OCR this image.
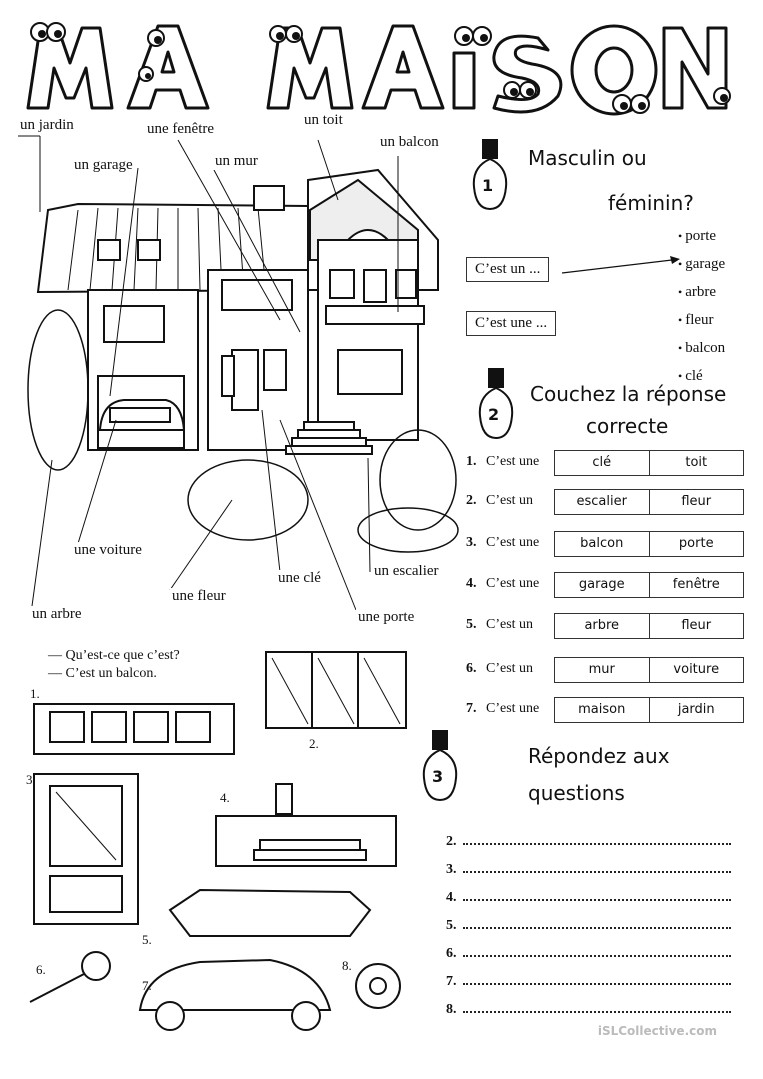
MA MAISON
un jardin	une fenêtre
un toit
un balcon
un garage	un mur
une voiture
une fleur
une clé	un escalier
un arbre	une porte
1
Masculin ou
féminin?
C’est un ...
C’est une ...
• porte
• garage
• arbre
• fleur
• balcon
• clé
2
Couchez la réponse
correcte
1. C’est une	clé	toit
2. C’est un	escalier	fleur
3. C’est une	balcon	porte
4. C’est une	garage	fenêtre
5. C’est un	arbre	fleur
6. C’est un	mur	voiture
7. C’est une	maison	jardin
3
Répondez aux
questions
2.
3.
4.
5.
6.
7.
8.
— Qu’est-ce que c’est?
— C’est un balcon.
1.
2.
3.
4.
5.
6.
7.
8.
iSLCollective.com
